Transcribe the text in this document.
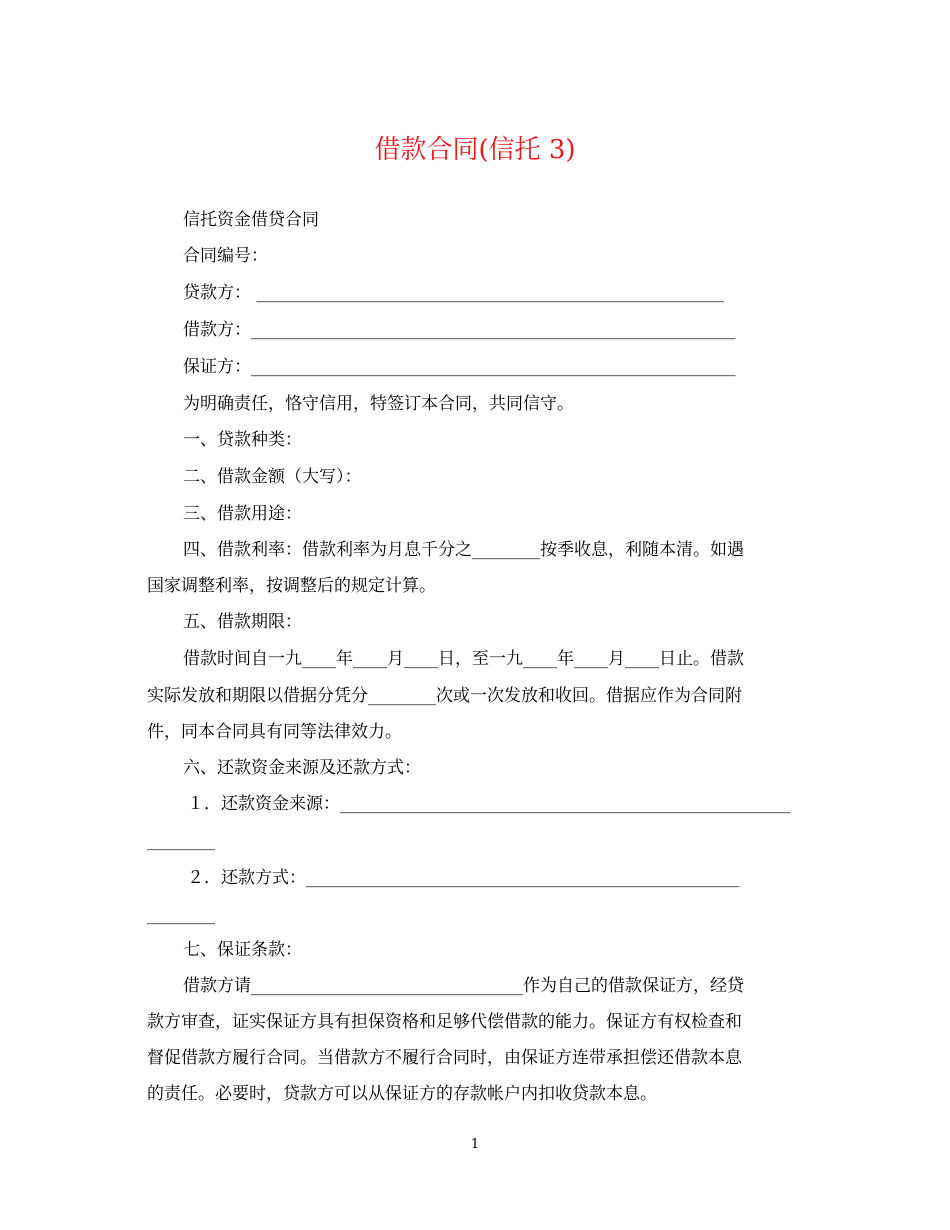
借款合同(信托 3)
信托资金借贷合同
合同编号：
贷款方： _______________________________________________________
借款方：_________________________________________________________
保证方：_________________________________________________________
为明确责任，恪守信用，特签订本合同，共同信守。
一、贷款种类：
二、借款金额（大写）：
三、借款用途：
四、借款利率：借款利率为月息千分之________按季收息，利随本清。如遇
国家调整利率，按调整后的规定计算。
五、借款期限：
借款时间自一九____年____月____日，至一九____年____月____日止。借款
实际发放和期限以借据分凭分________次或一次发放和收回。借据应作为合同附
件，同本合同具有同等法律效力。
六、还款资金来源及还款方式：
１．还款资金来源：_____________________________________________________
________
２．还款方式：___________________________________________________
________
七、保证条款：
借款方请________________________________作为自己的借款保证方，经贷
款方审查，证实保证方具有担保资格和足够代偿借款的能力。保证方有权检查和
督促借款方履行合同。当借款方不履行合同时，由保证方连带承担偿还借款本息
的责任。必要时，贷款方可以从保证方的存款帐户内扣收贷款本息。
1
